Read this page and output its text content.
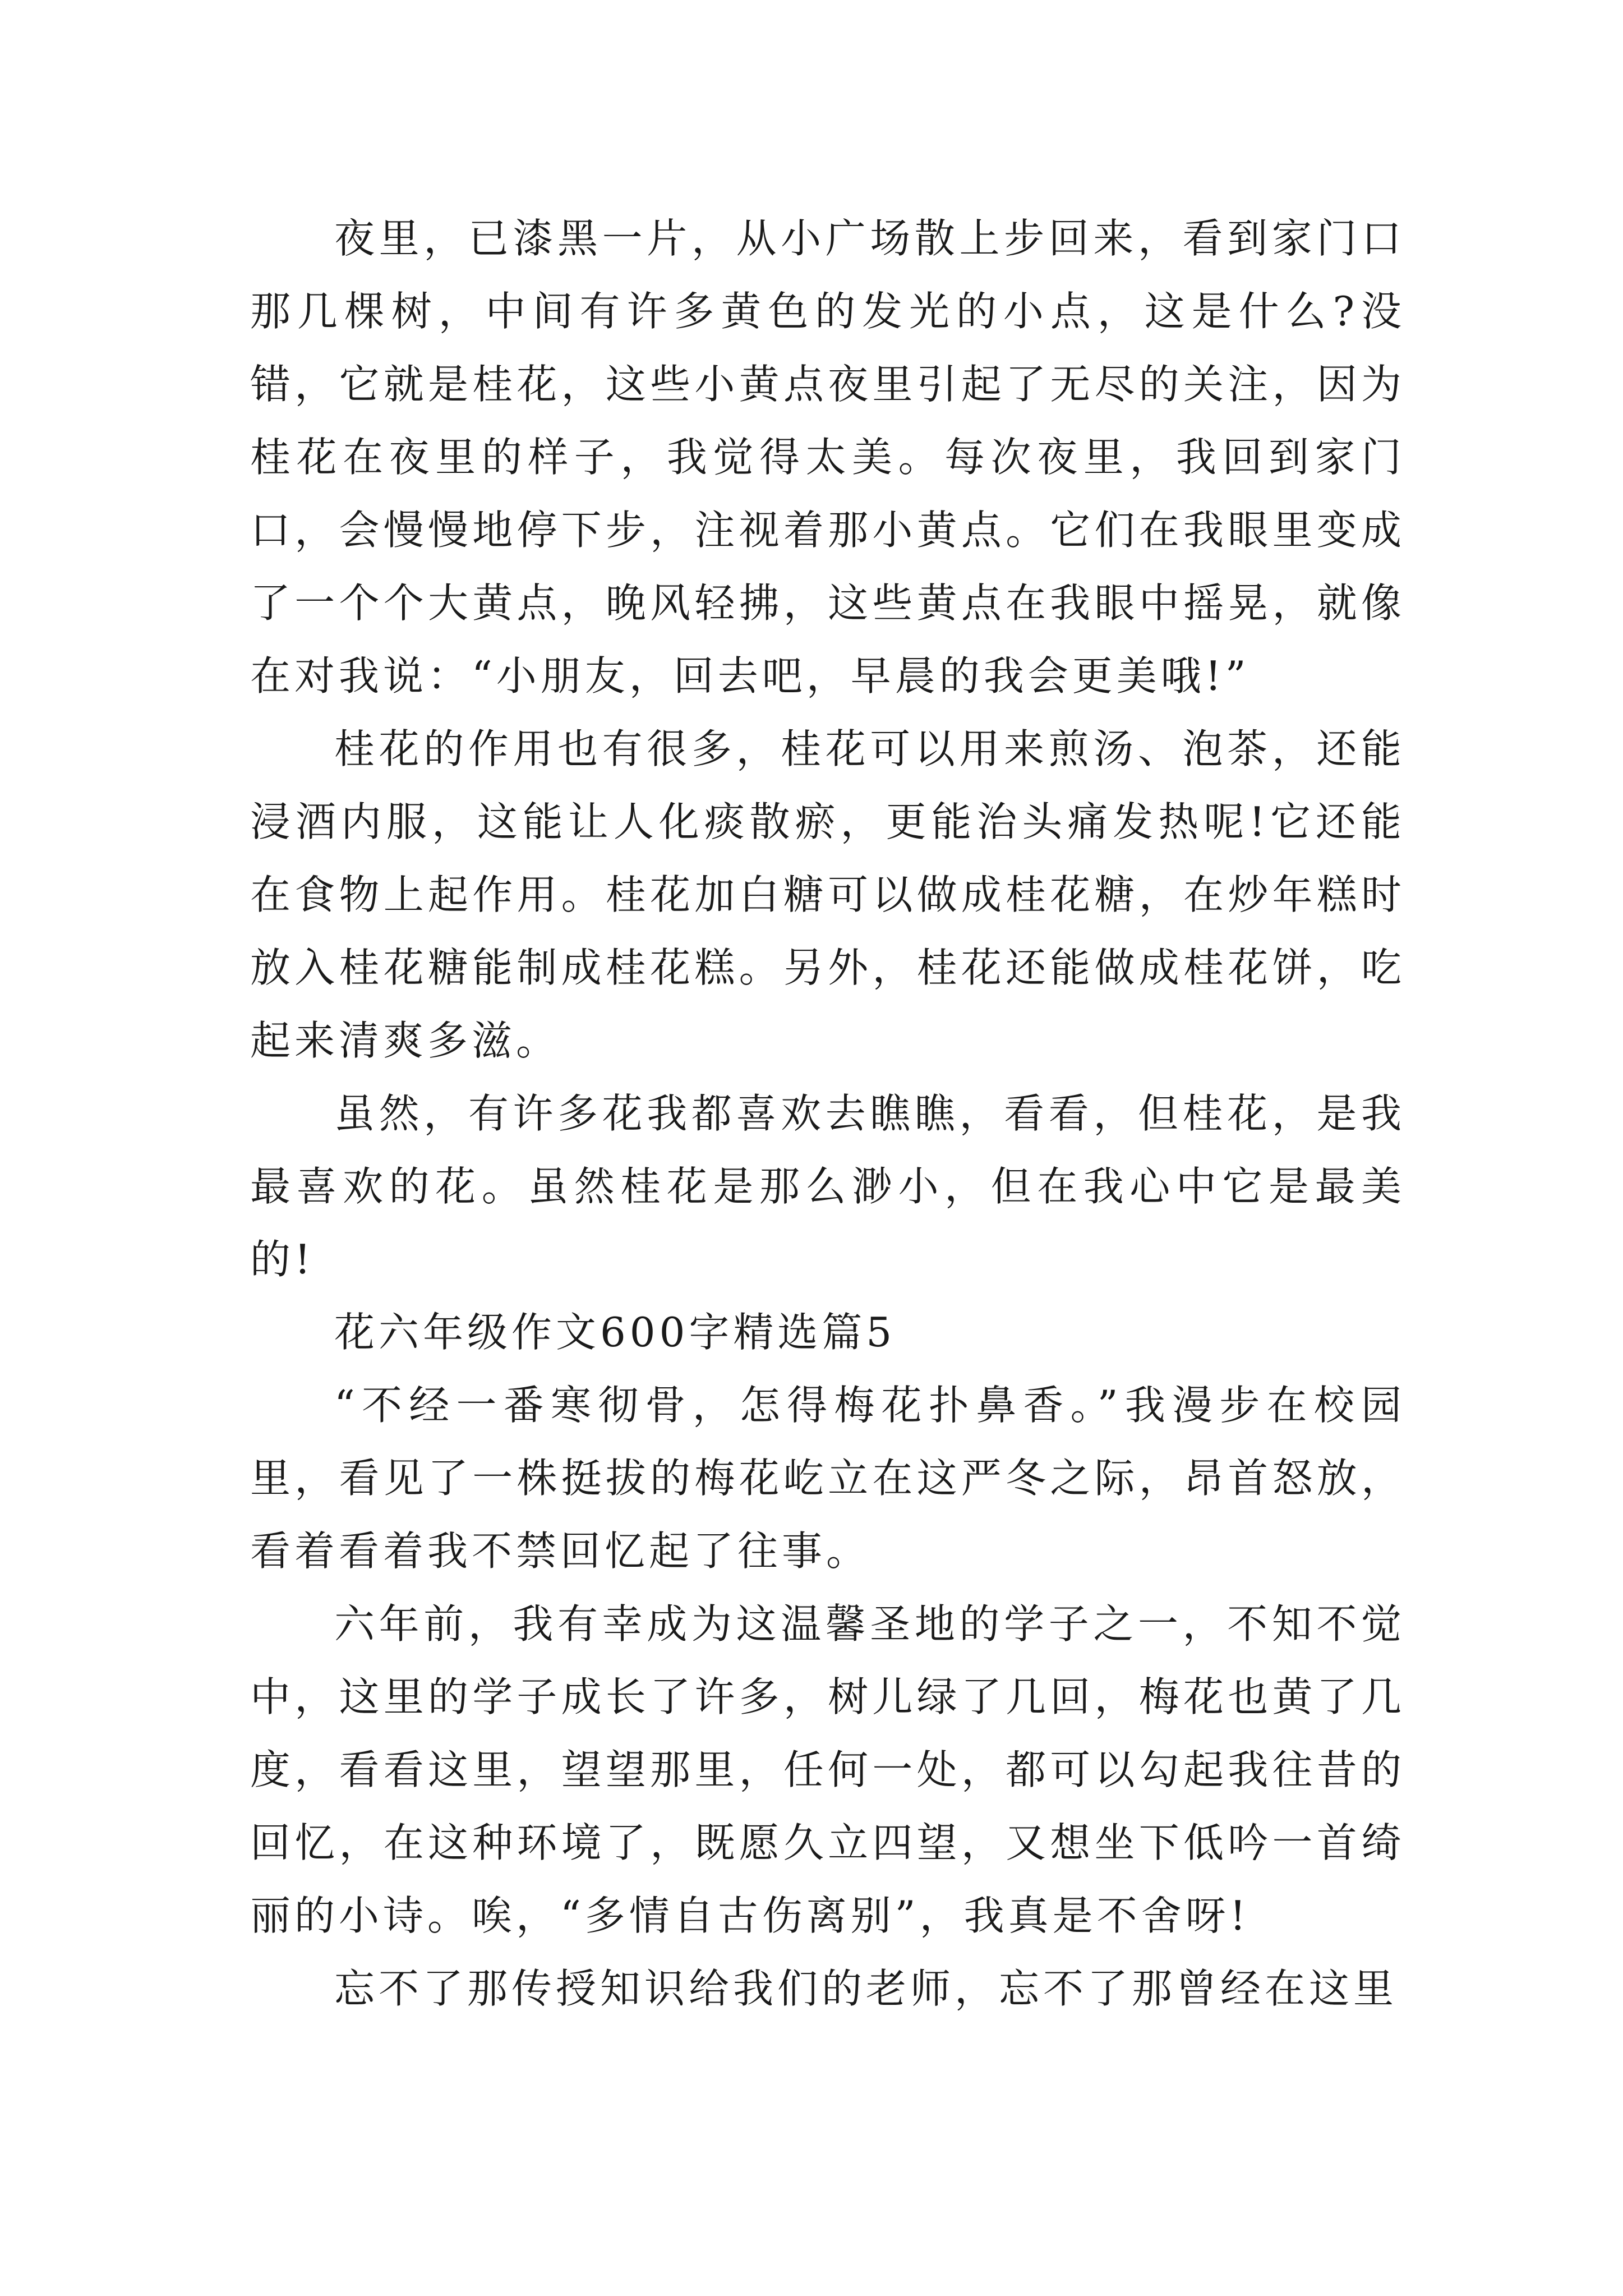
夜里，已漆黑一片，从小广场散上步回来，看到家门口那几棵树，中间有许多黄色的发光的小点，这是什么?没错，它就是桂花，这些小黄点夜里引起了无尽的关注，因为桂花在夜里的样子，我觉得太美。每次夜里，我回到家门口，会慢慢地停下步，注视着那小黄点。它们在我眼里变成了一个个大黄点，晚风轻拂，这些黄点在我眼中摇晃，就像在对我说：“小朋友，回去吧，早晨的我会更美哦!”

桂花的作用也有很多，桂花可以用来煎汤、泡茶，还能浸酒内服，这能让人化痰散瘀，更能治头痛发热呢!它还能在食物上起作用。桂花加白糖可以做成桂花糖，在炒年糕时放入桂花糖能制成桂花糕。另外，桂花还能做成桂花饼，吃起来清爽多滋。

虽然，有许多花我都喜欢去瞧瞧，看看，但桂花，是我最喜欢的花。虽然桂花是那么渺小，但在我心中它是最美的!

花六年级作文600字精选篇5

“不经一番寒彻骨，怎得梅花扑鼻香。”我漫步在校园里，看见了一株挺拔的梅花屹立在这严冬之际，昂首怒放，看着看着我不禁回忆起了往事。

六年前，我有幸成为这温馨圣地的学子之一，不知不觉中，这里的学子成长了许多，树儿绿了几回，梅花也黄了几度，看看这里，望望那里，任何一处，都可以勾起我往昔的回忆，在这种环境了，既愿久立四望，又想坐下低吟一首绮丽的小诗。唉，“多情自古伤离别”，我真是不舍呀!

忘不了那传授知识给我们的老师，忘不了那曾经在这里
